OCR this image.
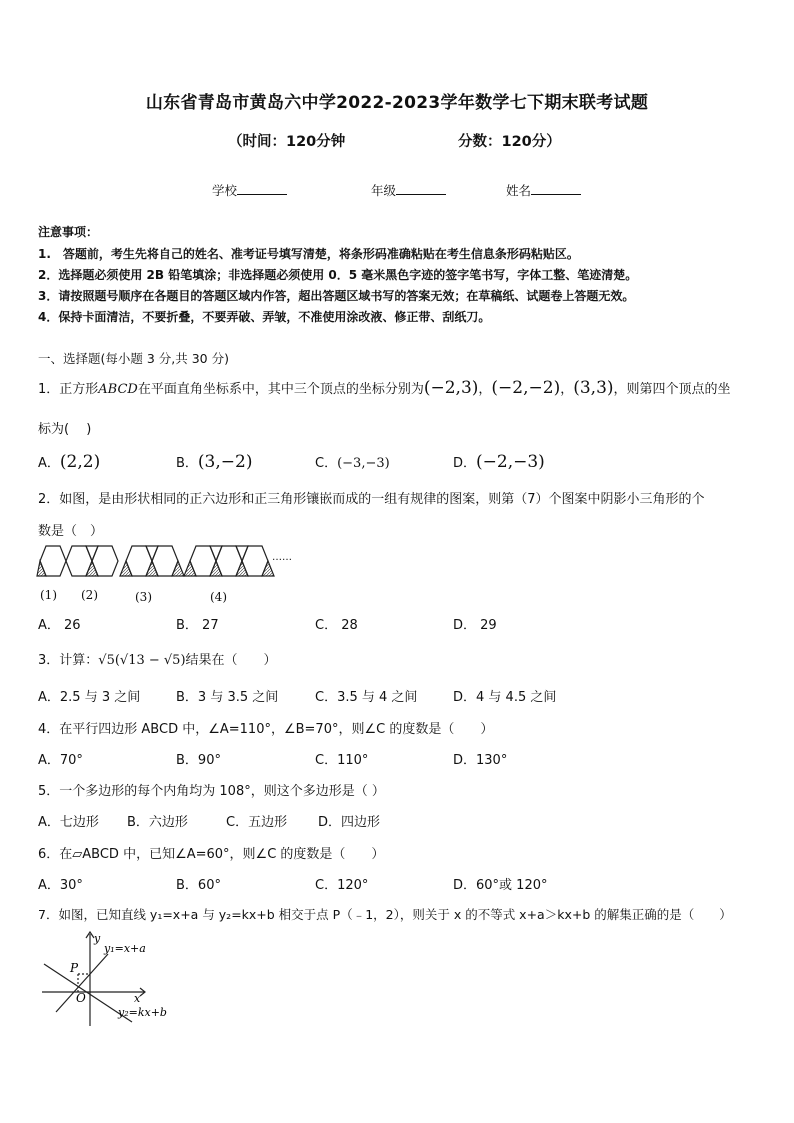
山东省青岛市黄岛六中学2022-2023学年数学七下期末联考试题
（时间：120分钟	分数：120分）
学校	年级	姓名
注意事项：
1.　答题前，考生先将自己的姓名、准考证号填写清楚，将条形码准确粘贴在考生信息条形码粘贴区。
2．选择题必须使用 2B 铅笔填涂；非选择题必须使用 0．5 毫米黑色字迹的签字笔书写，字体工整、笔迹清楚。
3．请按照题号顺序在各题目的答题区域内作答，超出答题区域书写的答案无效；在草稿纸、试题卷上答题无效。
4．保持卡面清洁，不要折叠，不要弄破、弄皱，不准使用涂改液、修正带、刮纸刀。
一、选择题(每小题 3 分,共 30 分)
1．正方形ABCD在平面直角坐标系中，其中三个顶点的坐标分别为(−2,3)，(−2,−2)，(3,3)，则第四个顶点的坐
标为(　 )
A．(2,2)	B．(3,−2)	C．(−3,−3)	D．(−2,−3)
2．如图，是由形状相同的正六边形和正三角形镶嵌而成的一组有规律的图案，则第（7）个图案中阴影小三角形的个
数是（　）
……
(1) (2)	(3)	(4)
A． 26	B． 27	C． 28	D． 29
3．计算：√5(√13 − √5)结果在（　　）
A．2.5 与 3 之间	B．3 与 3.5 之间	C．3.5 与 4 之间	D．4 与 4.5 之间
4．在平行四边形 ABCD 中，∠A=110°，∠B=70°，则∠C 的度数是（　　）
A．70°	B．90°	C．110°	D．130°
5．一个多边形的每个内角均为 108°，则这个多边形是（ ）
A．七边形 B．六边形	C．五边形 D．四边形
6．在▱ABCD 中，已知∠A=60°，则∠C 的度数是（　　）
A．30°	B．60°	C．120°	D．60°或 120°
7．如图，已知直线 y₁=x+a 与 y₂=kx+b 相交于点 P（﹣1，2），则关于 x 的不等式 x+a＞kx+b 的解集正确的是（　　）
y
x
O
P
y₁=x+a
y₂=kx+b
